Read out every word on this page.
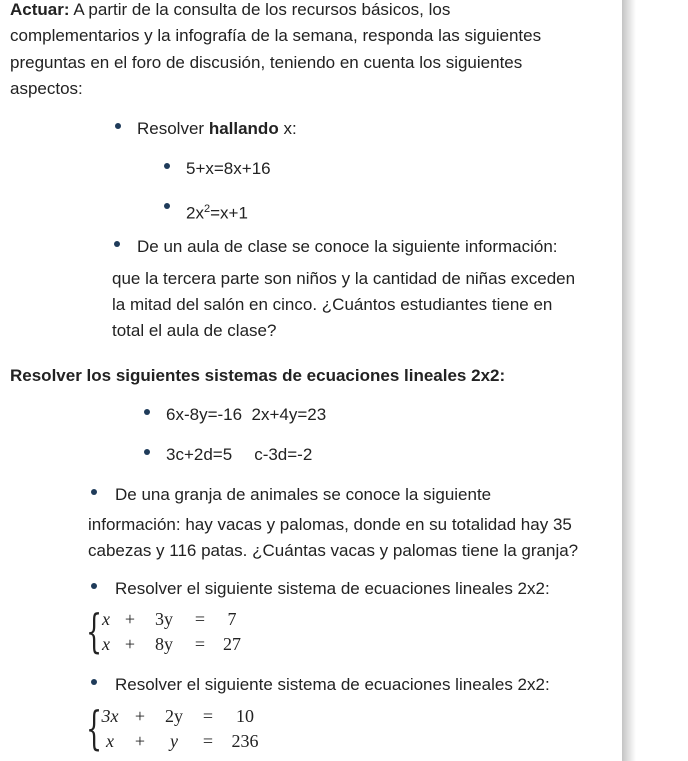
Actuar: A partir de la consulta de los recursos básicos, los
complementarios y la infografía de la semana, responda las siguientes
preguntas en el foro de discusión, teniendo en cuenta los siguientes
aspectos:
Resolver hallando x:
5+x=8x+16
$2x^2=x+1$
De un aula de clase se conoce la siguiente información:
que la tercera parte son niños y la cantidad de niñas exceden
la mitad del salón en cinco. ¿Cuántos estudiantes tiene en
total el aula de clase?
Resolver los siguientes sistemas de ecuaciones lineales 2x2:
6x-8y=-16 2x+4y=23
3c+2d=5 c-3d=-2
De una granja de animales se conoce la siguiente
información: hay vacas y palomas, donde en su totalidad hay 35
cabezas y 116 patas. ¿Cuántas vacas y palomas tiene la granja?
Resolver el siguiente sistema de ecuaciones lineales 2x2:
{ x +	3y	=	7
x +	8y	= 27
Resolver el siguiente sistema de ecuaciones lineales 2x2:
{ 3x +	2y	=	10
x	+	y	=	236
